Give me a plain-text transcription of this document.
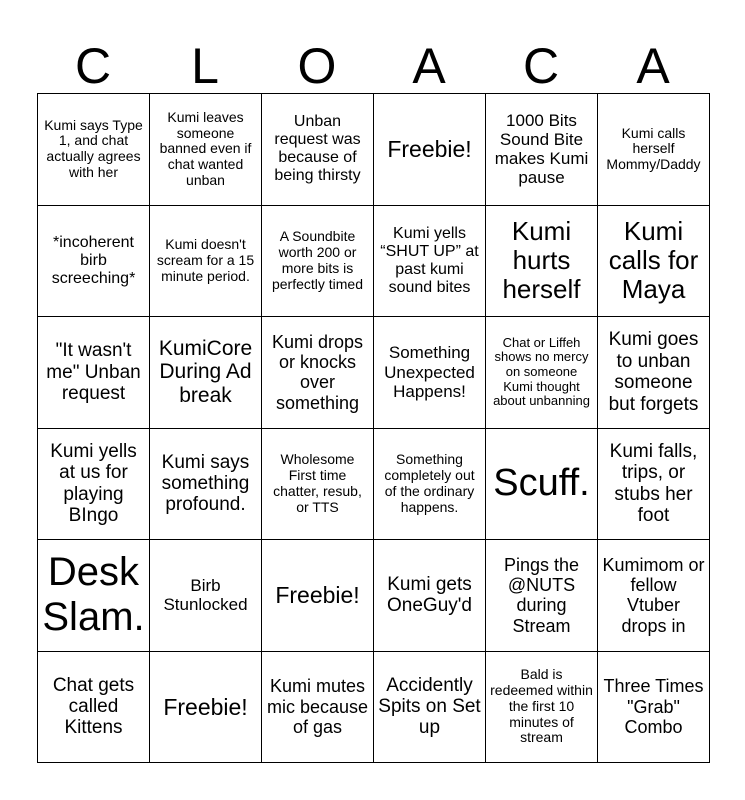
C	L	O	A	C	A
Kumi says Type 1, and chat actually agrees with her	Kumi leaves someone banned even if chat wanted unban	Unban request was because of being thirsty	Freebie!	1000 Bits Sound Bite makes Kumi pause	Kumi calls herself Mommy/Daddy
*incoherent birb screeching*	Kumi doesn't scream for a 15 minute period.	A Soundbite worth 200 or more bits is perfectly timed	Kumi yells “SHUT UP” at past kumi sound bites	Kumi hurts herself	Kumi calls for Maya
"It wasn't me" Unban request	KumiCore During Ad break	Kumi drops or knocks over something	Something Unexpected Happens!	Chat or Liffeh shows no mercy on someone Kumi thought about unbanning	Kumi goes to unban someone but forgets
Kumi yells at us for playing BIngo	Kumi says something profound.	Wholesome First time chatter, resub, or TTS	Something completely out of the ordinary happens.	Scuff.	Kumi falls, trips, or stubs her foot
Desk Slam.	Birb Stunlocked	Freebie!	Kumi gets OneGuy'd	Pings the @NUTS during Stream	Kumimom or fellow Vtuber drops in
Chat gets called Kittens	Freebie!	Kumi mutes mic because of gas	Accidently Spits on Set up	Bald is redeemed within the first 10 minutes of stream	Three Times "Grab" Combo
